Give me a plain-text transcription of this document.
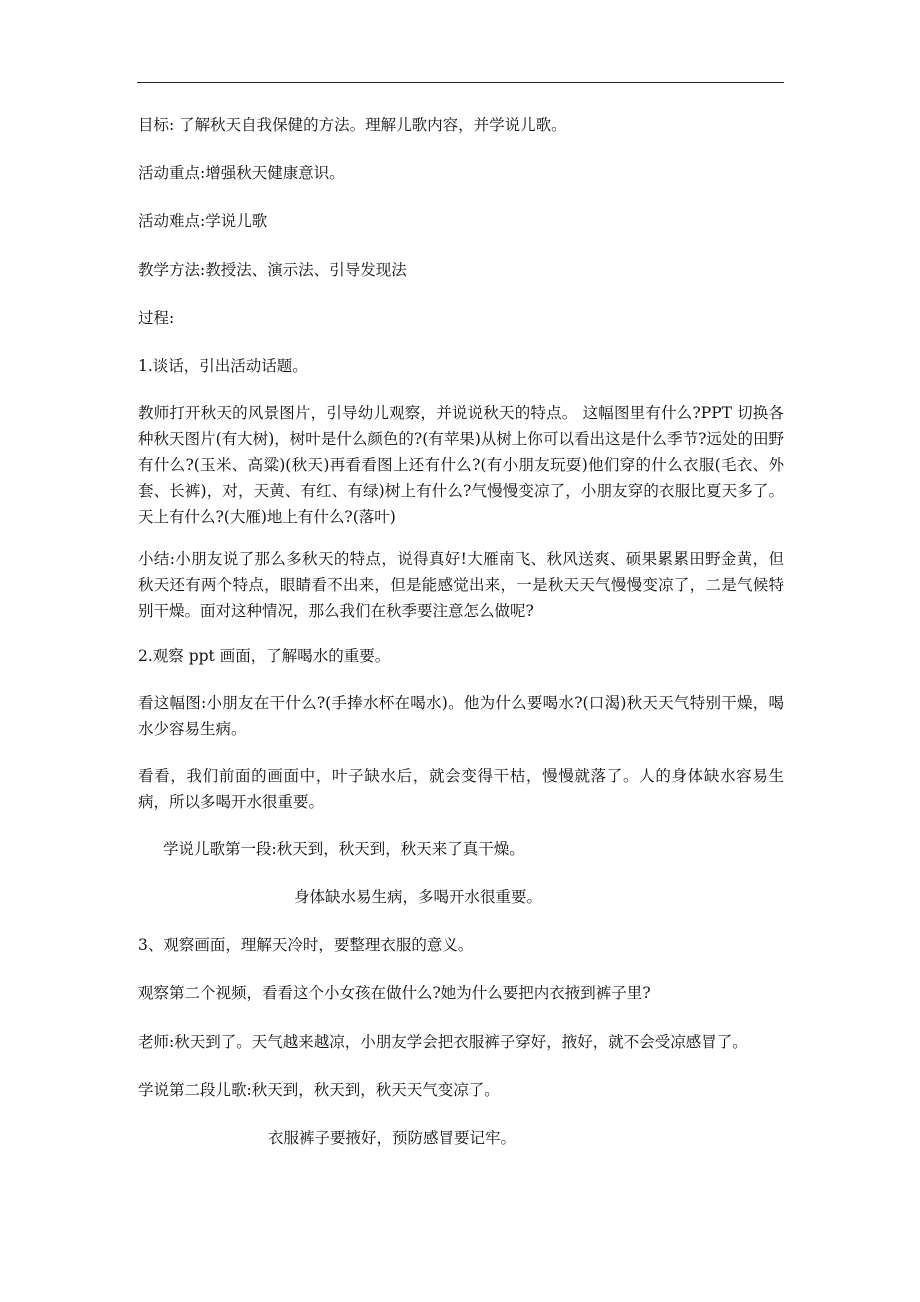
目标: 了解秋天自我保健的方法。理解儿歌内容，并学说儿歌。

活动重点:增强秋天健康意识。

活动难点:学说儿歌

教学方法:教授法、演示法、引导发现法

过程:

1.谈话，引出活动话题。

教师打开秋天的风景图片，引导幼儿观察，并说说秋天的特点。 这幅图里有什么?PPT 切换各种秋天图片(有大树)，树叶是什么颜色的?(有苹果)从树上你可以看出这是什么季节?远处的田野有什么?(玉米、高粱)(秋天)再看看图上还有什么?(有小朋友玩耍)他们穿的什么衣服(毛衣、外套、长裤)，对，天黄、有红、有绿)树上有什么?气慢慢变凉了，小朋友穿的衣服比夏天多了。天上有什么?(大雁)地上有什么?(落叶)

小结:小朋友说了那么多秋天的特点，说得真好!大雁南飞、秋风送爽、硕果累累田野金黄，但秋天还有两个特点，眼睛看不出来，但是能感觉出来，一是秋天天气慢慢变凉了，二是气候特别干燥。面对这种情况，那么我们在秋季要注意怎么做呢?

2.观察 ppt 画面，了解喝水的重要。

看这幅图:小朋友在干什么?(手捧水杯在喝水)。他为什么要喝水?(口渴)秋天天气特别干燥，喝水少容易生病。

看看，我们前面的画面中，叶子缺水后，就会变得干枯，慢慢就落了。人的身体缺水容易生病，所以多喝开水很重要。

学说儿歌第一段:秋天到，秋天到，秋天来了真干燥。

身体缺水易生病，多喝开水很重要。

3、观察画面，理解天冷时，要整理衣服的意义。

观察第二个视频，看看这个小女孩在做什么?她为什么要把内衣掖到裤子里?

老师:秋天到了。天气越来越凉，小朋友学会把衣服裤子穿好，掖好，就不会受凉感冒了。

学说第二段儿歌:秋天到，秋天到，秋天天气变凉了。

衣服裤子要掖好，预防感冒要记牢。
